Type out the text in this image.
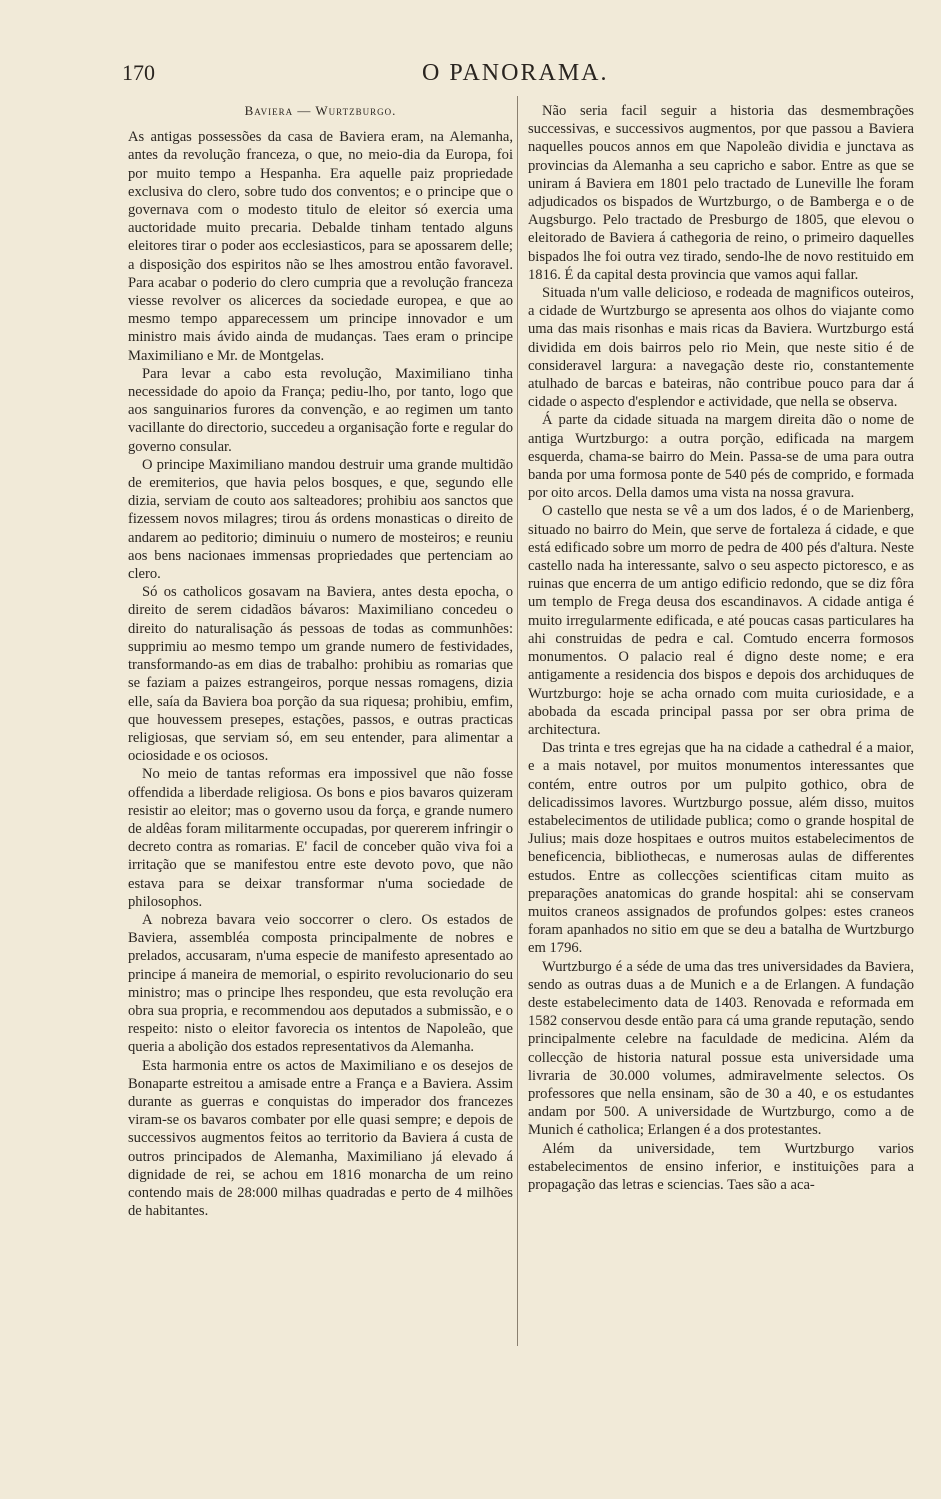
170	O PANORAMA.
Baviera — Wurtzburgo.

As antigas possessões da casa de Baviera eram, na Alemanha, antes da revolução franceza, o que, no meio-dia da Europa, foi por muito tempo a Hespanha. Era aquelle paiz propriedade exclusiva do clero, sobre tudo dos conventos; e o principe que o governava com o modesto titulo de eleitor só exercia uma auctoridade muito precaria. Debalde tinham tentado alguns eleitores tirar o poder aos ecclesiasticos, para se apossarem delle; a disposição dos espiritos não se lhes amostrou então favoravel. Para acabar o poderio do clero cumpria que a revolução franceza viesse revolver os alicerces da sociedade europea, e que ao mesmo tempo apparecessem um principe innovador e um ministro mais ávido ainda de mudanças. Taes eram o principe Maximiliano e Mr. de Montgelas.

Para levar a cabo esta revolução, Maximiliano tinha necessidade do apoio da França; pediu-lho, por tanto, logo que aos sanguinarios furores da convenção, e ao regimen um tanto vacillante do directorio, succedeu a organisação forte e regular do governo consular.

O principe Maximiliano mandou destruir uma grande multidão de eremiterios, que havia pelos bosques, e que, segundo elle dizia, serviam de couto aos salteadores; prohibiu aos sanctos que fizessem novos milagres; tirou ás ordens monasticas o direito de andarem ao peditorio; diminuiu o numero de mosteiros; e reuniu aos bens nacionaes immensas propriedades que pertenciam ao clero.

Só os catholicos gosavam na Baviera, antes desta epocha, o direito de serem cidadãos bávaros: Maximiliano concedeu o direito do naturalisação ás pessoas de todas as communhões: supprimiu ao mesmo tempo um grande numero de festividades, transformando-as em dias de trabalho: prohibiu as romarias que se faziam a paizes estrangeiros, porque nessas romagens, dizia elle, saía da Baviera boa porção da sua riquesa; prohibiu, emfim, que houvessem presepes, estações, passos, e outras practicas religiosas, que serviam só, em seu entender, para alimentar a ociosidade e os ociosos.

No meio de tantas reformas era impossivel que não fosse offendida a liberdade religiosa. Os bons e pios bavaros quizeram resistir ao eleitor; mas o governo usou da força, e grande numero de aldêas foram militarmente occupadas, por quererem infringir o decreto contra as romarias. E' facil de conceber quão viva foi a irritação que se manifestou entre este devoto povo, que não estava para se deixar transformar n'uma sociedade de philosophos.

A nobreza bavara veio soccorrer o clero. Os estados de Baviera, assembléa composta principalmente de nobres e prelados, accusaram, n'uma especie de manifesto apresentado ao principe á maneira de memorial, o espirito revolucionario do seu ministro; mas o principe lhes respondeu, que esta revolução era obra sua propria, e recommendou aos deputados a submissão, e o respeito: nisto o eleitor favorecia os intentos de Napoleão, que queria a abolição dos estados representativos da Alemanha.

Esta harmonia entre os actos de Maximiliano e os desejos de Bonaparte estreitou a amisade entre a França e a Baviera. Assim durante as guerras e conquistas do imperador dos francezes viram-se os bavaros combater por elle quasi sempre; e depois de successivos augmentos feitos ao territorio da Baviera á custa de outros principados de Alemanha, Maximiliano já elevado á dignidade de rei, se achou em 1816 monarcha de um reino contendo mais de 28:000 milhas quadradas e perto de 4 milhões de habitantes.

Não seria facil seguir a historia das desmembrações successivas, e successivos augmentos, por que passou a Baviera naquelles poucos annos em que Napoleão dividia e junctava as provincias da Alemanha a seu capricho e sabor. Entre as que se uniram á Baviera em 1801 pelo tractado de Luneville lhe foram adjudicados os bispados de Wurtzburgo, o de Bamberga e o de Augsburgo. Pelo tractado de Presburgo de 1805, que elevou o eleitorado de Baviera á cathegoria de reino, o primeiro daquelles bispados lhe foi outra vez tirado, sendo-lhe de novo restituido em 1816. É da capital desta provincia que vamos aqui fallar.

Situada n'um valle delicioso, e rodeada de magnificos outeiros, a cidade de Wurtzburgo se apresenta aos olhos do viajante como uma das mais risonhas e mais ricas da Baviera. Wurtzburgo está dividida em dois bairros pelo rio Mein, que neste sitio é de consideravel largura: a navegação deste rio, constantemente atulhado de barcas e bateiras, não contribue pouco para dar á cidade o aspecto d'esplendor e actividade, que nella se observa.

Á parte da cidade situada na margem direita dão o nome de antiga Wurtzburgo: a outra porção, edificada na margem esquerda, chama-se bairro do Mein. Passa-se de uma para outra banda por uma formosa ponte de 540 pés de comprido, e formada por oito arcos. Della damos uma vista na nossa gravura.

O castello que nesta se vê a um dos lados, é o de Marienberg, situado no bairro do Mein, que serve de fortaleza á cidade, e que está edificado sobre um morro de pedra de 400 pés d'altura. Neste castello nada ha interessante, salvo o seu aspecto pictoresco, e as ruinas que encerra de um antigo edificio redondo, que se diz fôra um templo de Frega deusa dos escandinavos. A cidade antiga é muito irregularmente edificada, e até poucas casas particulares ha ahi construidas de pedra e cal. Comtudo encerra formosos monumentos. O palacio real é digno deste nome; e era antigamente a residencia dos bispos e depois dos archiduques de Wurtzburgo: hoje se acha ornado com muita curiosidade, e a abobada da escada principal passa por ser obra prima de architectura.

Das trinta e tres egrejas que ha na cidade a cathedral é a maior, e a mais notavel, por muitos monumentos interessantes que contém, entre outros por um pulpito gothico, obra de delicadissimos lavores. Wurtzburgo possue, além disso, muitos estabelecimentos de utilidade publica; como o grande hospital de Julius; mais doze hospitaes e outros muitos estabelecimentos de beneficencia, bibliothecas, e numerosas aulas de differentes estudos. Entre as collecções scientificas citam muito as preparações anatomicas do grande hospital: ahi se conservam muitos craneos assignados de profundos golpes: estes craneos foram apanhados no sitio em que se deu a batalha de Wurtzburgo em 1796.

Wurtzburgo é a séde de uma das tres universidades da Baviera, sendo as outras duas a de Munich e a de Erlangen. A fundação deste estabelecimento data de 1403. Renovada e reformada em 1582 conservou desde então para cá uma grande reputação, sendo principalmente celebre na faculdade de medicina. Além da collecção de historia natural possue esta universidade uma livraria de 30.000 volumes, admiravelmente selectos. Os professores que nella ensinam, são de 30 a 40, e os estudantes andam por 500. A universidade de Wurtzburgo, como a de Munich é catholica; Erlangen é a dos protestantes.

Além da universidade, tem Wurtzburgo varios estabelecimentos de ensino inferior, e instituições para a propagação das letras e sciencias. Taes são a aca-
